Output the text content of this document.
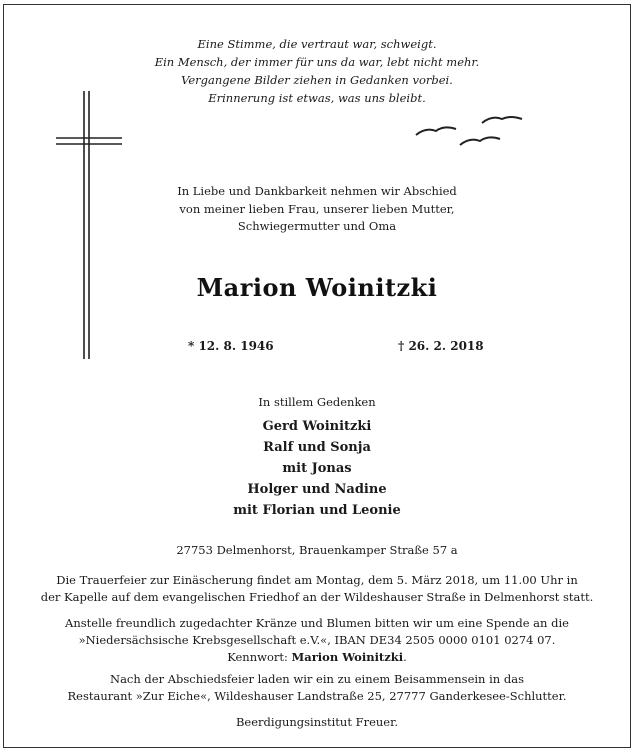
Eine Stimme, die vertraut war, schweigt.
Ein Mensch, der immer für uns da war, lebt nicht mehr.
Vergangene Bilder ziehen in Gedanken vorbei.
Erinnerung ist etwas, was uns bleibt.
In Liebe und Dankbarkeit nehmen wir Abschied
von meiner lieben Frau, unserer lieben Mutter,
Schwiegermutter und Oma
Marion Woinitzki
* 12. 8. 1946	† 26. 2. 2018
In stillem Gedenken
Gerd Woinitzki
Ralf und Sonja
mit Jonas
Holger und Nadine
mit Florian und Leonie
27753 Delmenhorst, Brauenkamper Straße 57 a
Die Trauerfeier zur Einäscherung findet am Montag, dem 5. März 2018, um 11.00 Uhr in
der Kapelle auf dem evangelischen Friedhof an der Wildeshauser Straße in Delmenhorst statt.
Anstelle freundlich zugedachter Kränze und Blumen bitten wir um eine Spende an die
»Niedersächsische Krebsgesellschaft e.V.«, IBAN DE34 2505 0000 0101 0274 07.
Kennwort: Marion Woinitzki.
Nach der Abschiedsfeier laden wir ein zu einem Beisammensein in das
Restaurant »Zur Eiche«, Wildeshauser Landstraße 25, 27777 Ganderkesee-Schlutter.
Beerdigungsinstitut Freuer.
